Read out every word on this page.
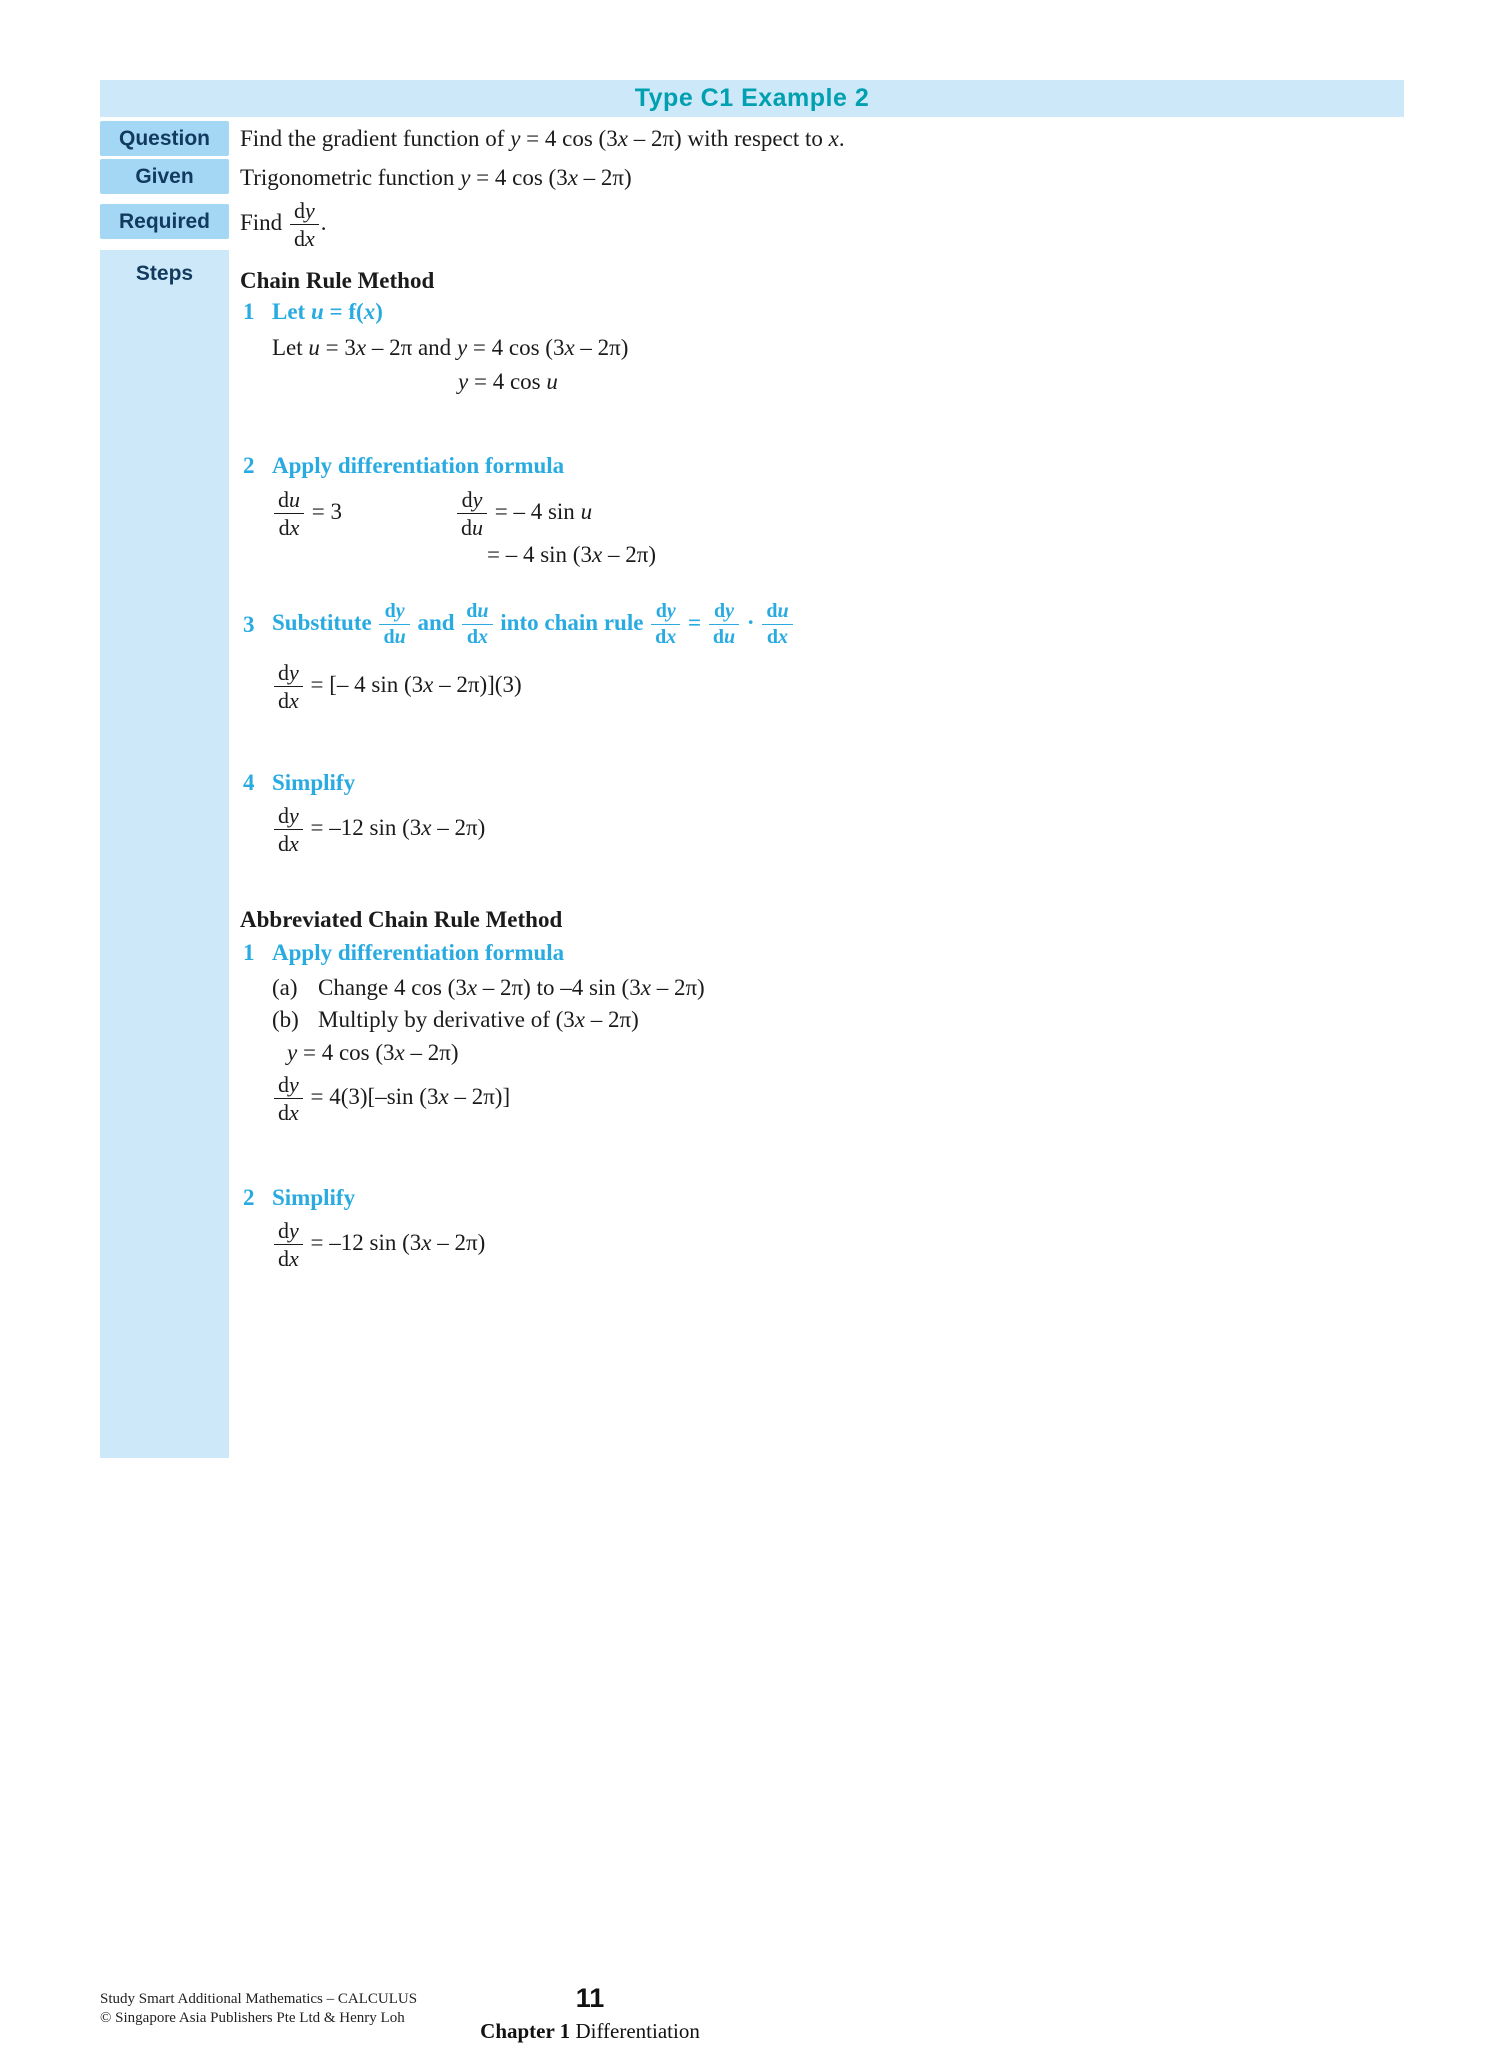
Type C1 Example 2
Question
Given
Required
Steps
Find the gradient function of y = 4 cos (3x – 2π) with respect to x.
Trigonometric function y = 4 cos (3x – 2π)
Find $\frac{dy}{dx}$ .
Chain Rule Method
1 Let u = f(x)
Let u = 3x – 2π and y = 4 cos (3x – 2π)
y = 4 cos u
2 Apply differentiation formula
$\frac{du}{dx} = 3$	$\frac{dy}{du}$ = – 4 sin u
= – 4 sin (3x – 2π)
3 Substitute $\frac{dy}{du}$ and $\frac{du}{dx}$ into chain rule $\frac{dy}{dx} = \frac{dy}{du} \cdot \frac{du}{dx}$
$\frac{dy}{dx}$ = [– 4 sin (3x – 2π)](3)
4 Simplify
$\frac{dy}{dx} = -12$ sin (3x – 2π)
Abbreviated Chain Rule Method
1 Apply differentiation formula
(a) Change 4 cos (3x – 2π) to –4 sin (3x – 2π)
(b) Multiply by derivative of (3x – 2π)
y = 4 cos (3x – 2π)
$\frac{dy}{dx} = 4(3)[-\sin$ (3x – 2π)]
2 Simplify
$\frac{dy}{dx} = -12$ sin (3x – 2π)
Study Smart Additional Mathematics – CALCULUS
© Singapore Asia Publishers Pte Ltd & Henry Loh
11
Chapter 1 Differentiation
